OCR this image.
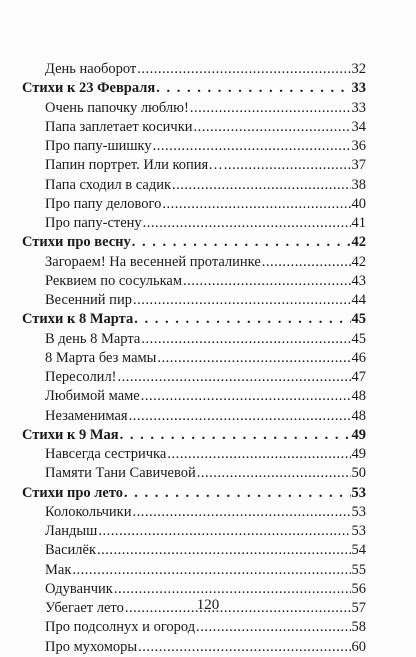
День наоборот .....	32
Стихи к 23 Февраля . . .	33
Очень папочку люблю! .....	33
Папа заплетает косички .....	34
Про папу-шишку .....	36
Папин портрет. Или копия… .....	37
Папа сходил в садик .....	38
Про папу делового .....	40
Про папу-стену .....	41
Стихи про весну . . .	42
Загораем! На весенней проталинке .....	42
Реквием по сосулькам .....	43
Весенний пир .....	44
Стихи к 8 Марта . . .	45
В день 8 Марта .....	45
8 Марта без мамы .....	46
Пересолил! .....	47
Любимой маме .....	48
Незаменимая .....	48
Стихи к 9 Мая . . .	49
Навсегда сестричка .....	49
Памяти Тани Савичевой .....	50
Стихи про лето . . .	53
Колокольчики .....	53
Ландыш .....	53
Василёк .....	54
Мак .....	55
Одуванчик .....	56
Убегает лето .....	57
Про подсолнух и огород .....	58
Про мухоморы .....	60
120
